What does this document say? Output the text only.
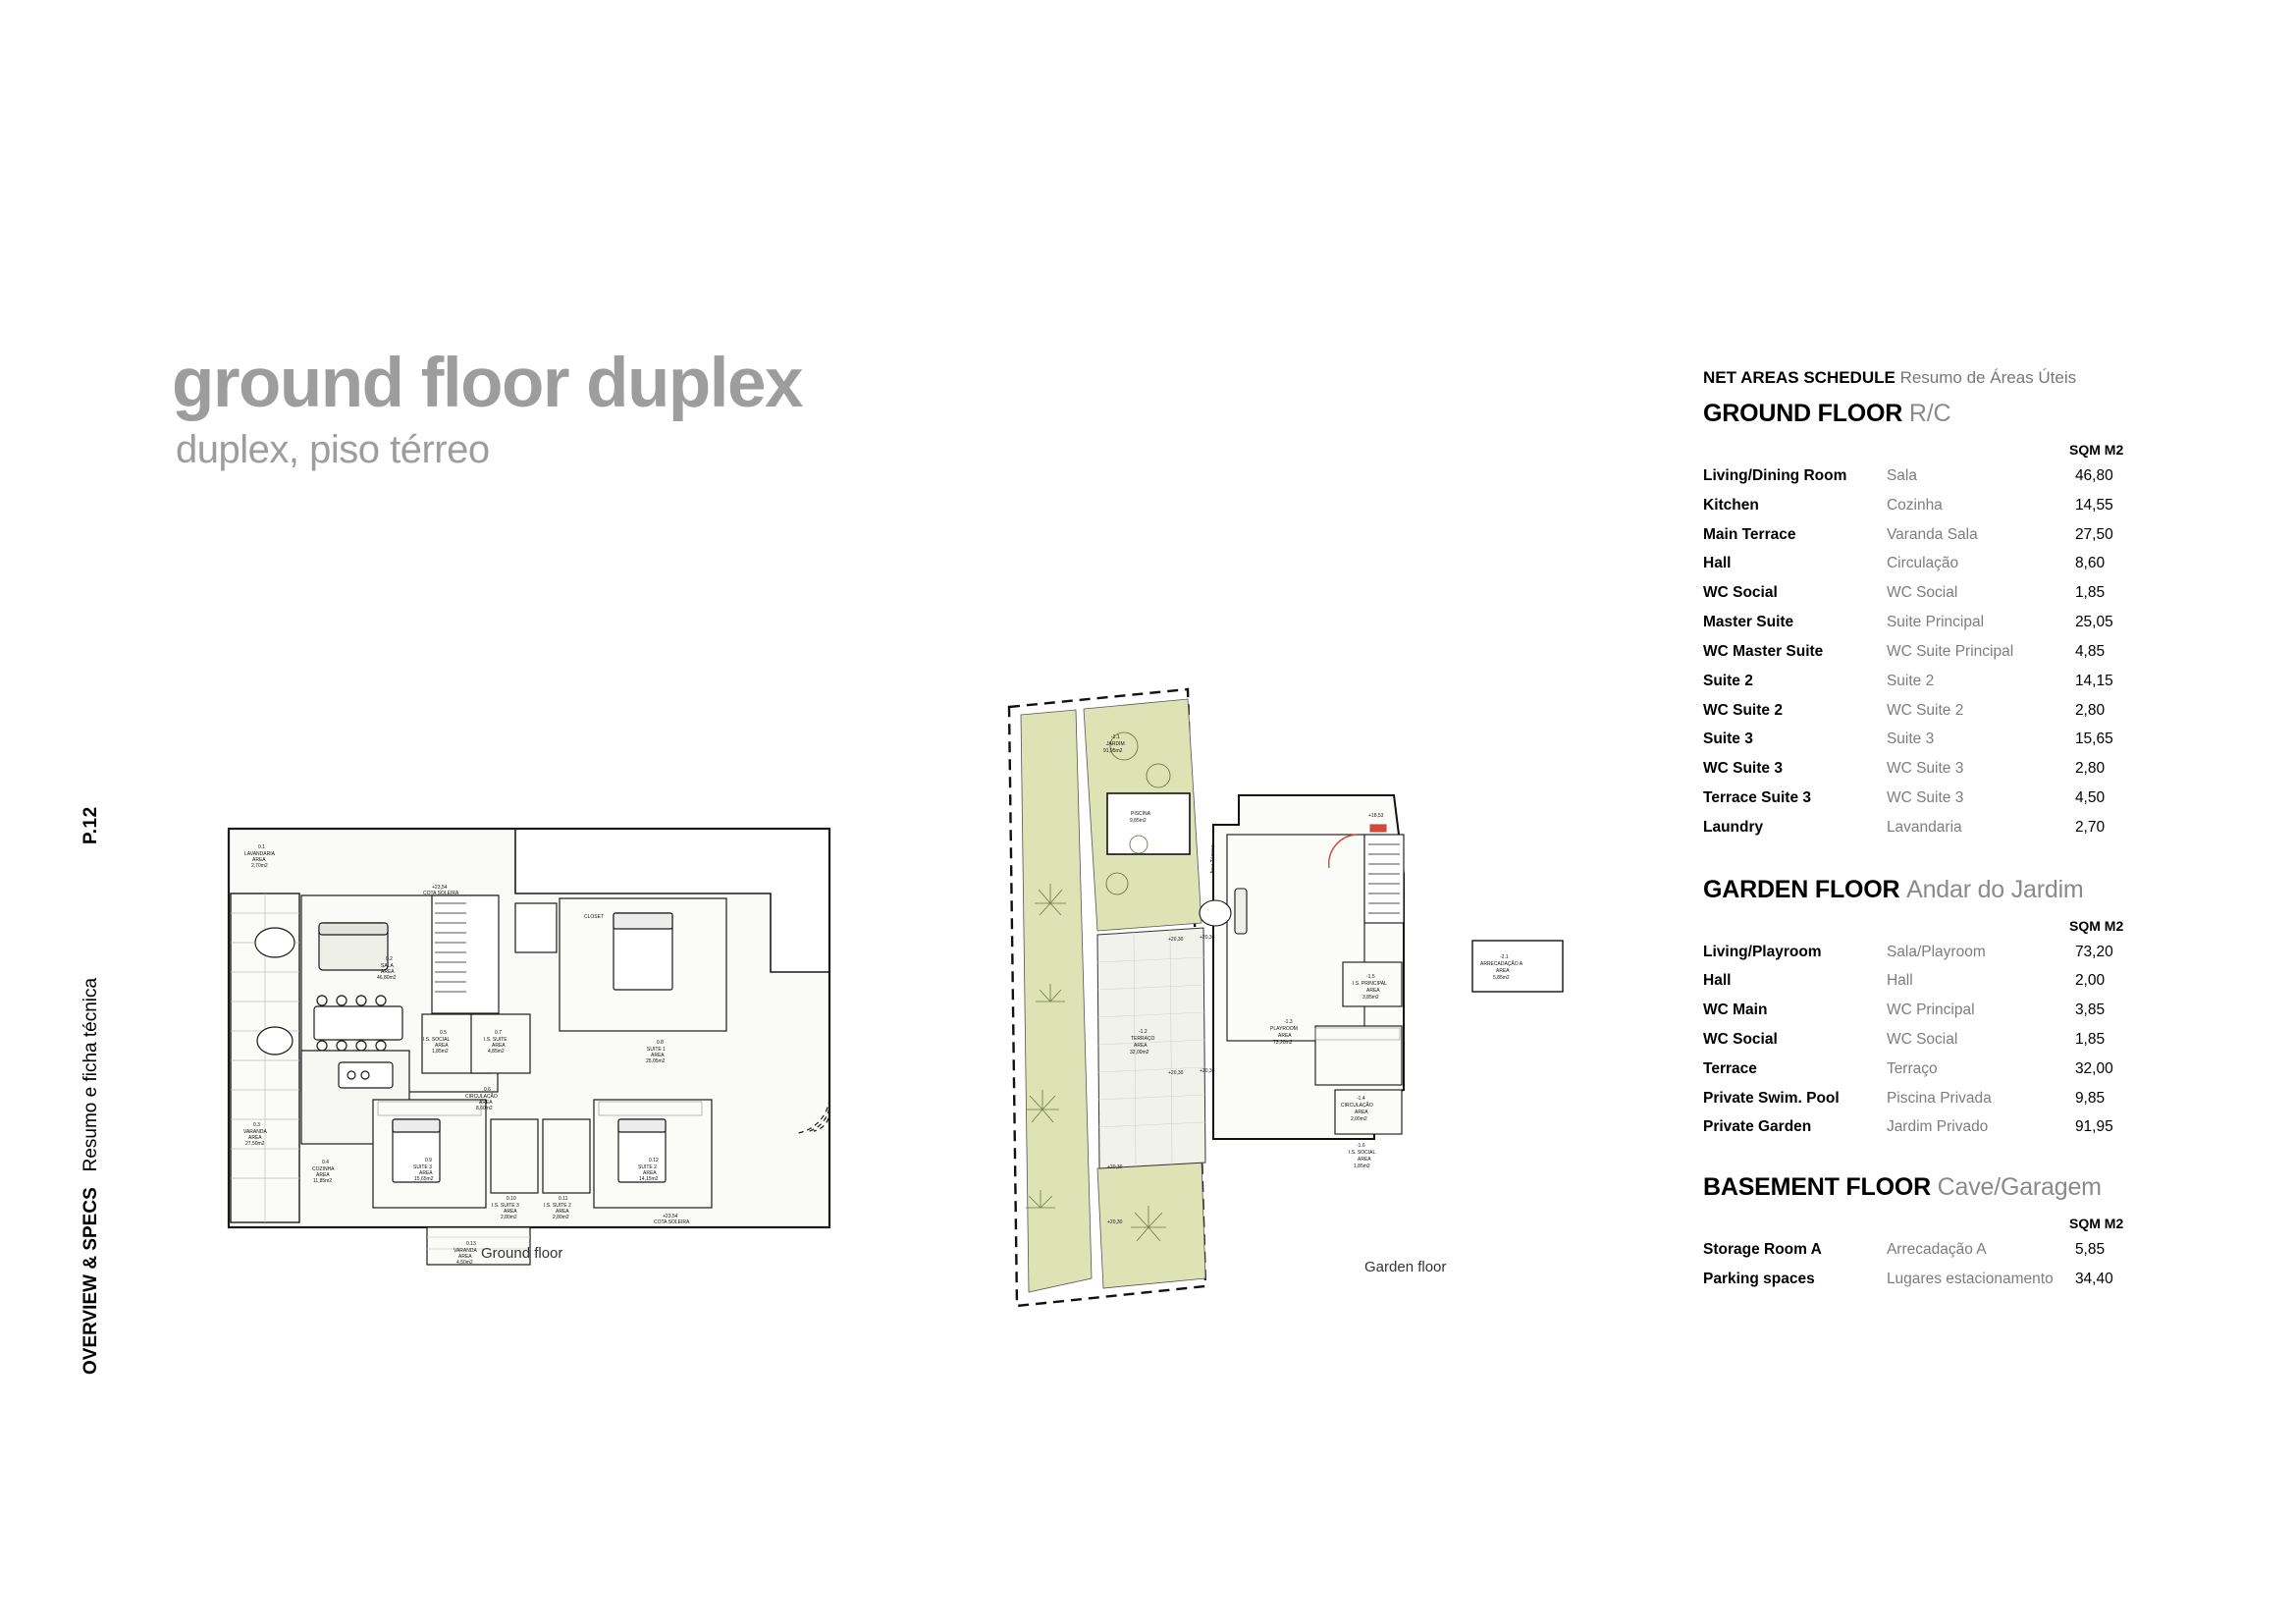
P.12
OVERVIEW & SPECS   Resumo e ficha técnica
ground floor duplex
duplex, piso térreo
0.1
LAVANDARIA
AREA
2,70m2
0.2
SALA
AREA
46,80m2
0.3
VARANDA
AREA
27,50m2
0.4
COZINHA
AREA
11,85m2
0.5
I.S. SOCIAL
AREA
1,85m2
0.6
CIRCULAÇÃO
AREA
8,60m2
0.7
I.S. SUITE
AREA
4,85m2
0.8
SUITE 1
AREA
25,05m2
0.9
SUITE 3
AREA
15,65m2
0.10
I.S. SUITE 3
AREA
2,80m2
0.11
I.S. SUITE 2
AREA
2,80m2
0.12
SUITE 2
AREA
14,15m2
0.13
VARANDA
AREA
4,50m2
+23,54
COTA SOLEIRA
+23,54
COTA SOLEIRA
CLOSET
Ground floor
-1.1
JARDIM
91,95m2
PISCINA
9,85m2
-1.2
TERRAÇO
AREA
32,00m2
-1.3
PLAYROOM
AREA
73,20m2
-1.4
CIRCULAÇÃO
AREA
2,00m2
-1.5
I.S. PRINCIPAL
AREA
3,85m2
-1.6
I.S. SOCIAL
AREA
1,85m2
-2.1
ARRECADAÇÃO A
AREA
5,85m2
Área Técnica
+20,30	+20,30
+20,30	+20,30
+20,30
+20,30
+18,53
Garden floor
NET AREAS SCHEDULE Resumo de Áreas Úteis
GROUND FLOOR R/C
SQM M2
Living/Dining Room	Sala	46,80
Kitchen	Cozinha	14,55
Main Terrace	Varanda Sala	27,50
Hall	Circulação	8,60
WC Social	WC Social	1,85
Master Suite	Suite Principal	25,05
WC Master Suite	WC Suite Principal	4,85
Suite 2	Suite 2	14,15
WC Suite 2	WC Suite 2	2,80
Suite 3	Suite 3	15,65
WC Suite 3	WC Suite 3	2,80
Terrace Suite 3	WC Suite 3	4,50
Laundry	Lavandaria	2,70
GARDEN FLOOR Andar do Jardim
SQM M2
Living/Playroom	Sala/Playroom	73,20
Hall	Hall	2,00
WC Main	WC Principal	3,85
WC Social	WC Social	1,85
Terrace	Terraço	32,00
Private Swim. Pool	Piscina Privada	9,85
Private Garden	Jardim Privado	91,95
BASEMENT FLOOR Cave/Garagem
SQM M2
Storage Room A	Arrecadação A	5,85
Parking spaces	Lugares estacionamento	34,40
